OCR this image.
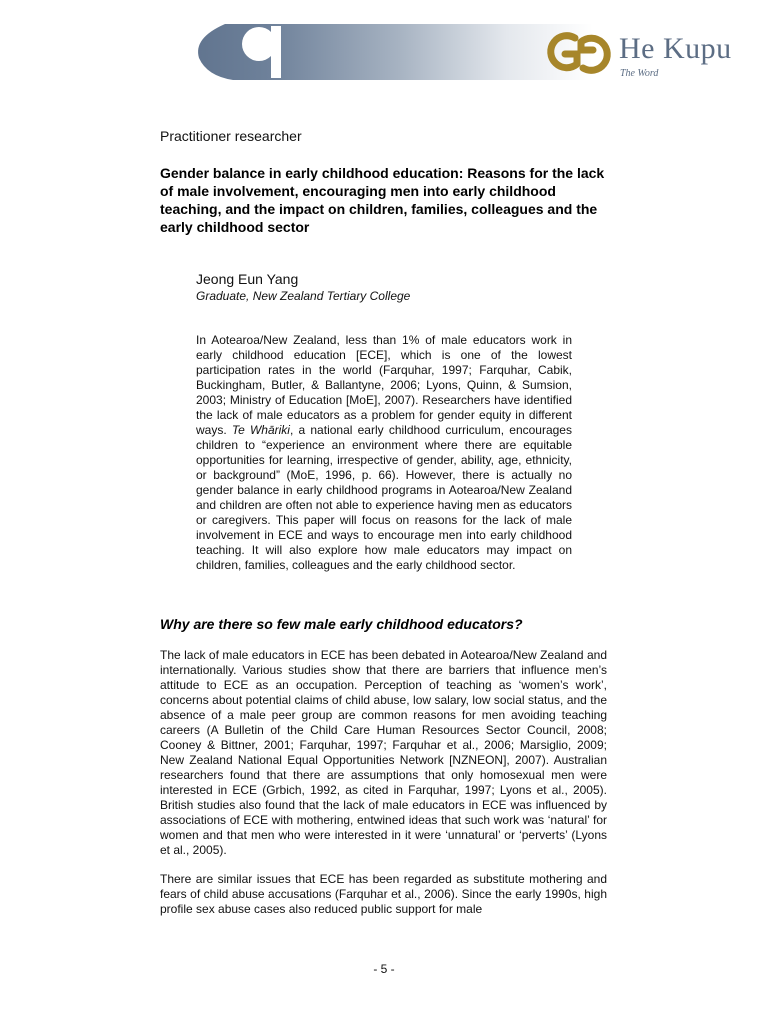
He Kupu
The Word
Practitioner researcher
Gender balance in early childhood education: Reasons for the lack of male involvement, encouraging men into early childhood teaching, and the impact on children, families, colleagues and the early childhood sector
Jeong Eun Yang
Graduate, New Zealand Tertiary College

In Aotearoa/New Zealand, less than 1% of male educators work in early childhood education [ECE], which is one of the lowest participation rates in the world (Farquhar, 1997; Farquhar, Cabik, Buckingham, Butler, & Ballantyne, 2006; Lyons, Quinn, & Sumsion, 2003; Ministry of Education [MoE], 2007). Researchers have identified the lack of male educators as a problem for gender equity in different ways. Te Whāriki, a national early childhood curriculum, encourages children to “experience an environment where there are equitable opportunities for learning, irrespective of gender, ability, age, ethnicity, or background” (MoE, 1996, p. 66). However, there is actually no gender balance in early childhood programs in Aotearoa/New Zealand and children are often not able to experience having men as educators or caregivers. This paper will focus on reasons for the lack of male involvement in ECE and ways to encourage men into early childhood teaching. It will also explore how male educators may impact on children, families, colleagues and the early childhood sector.

Why are there so few male early childhood educators?

The lack of male educators in ECE has been debated in Aotearoa/New Zealand and internationally. Various studies show that there are barriers that influence men’s attitude to ECE as an occupation. Perception of teaching as ‘women’s work’, concerns about potential claims of child abuse, low salary, low social status, and the absence of a male peer group are common reasons for men avoiding teaching careers (A Bulletin of the Child Care Human Resources Sector Council, 2008; Cooney & Bittner, 2001; Farquhar, 1997; Farquhar et al., 2006; Marsiglio, 2009; New Zealand National Equal Opportunities Network [NZNEON], 2007). Australian researchers found that there are assumptions that only homosexual men were interested in ECE (Grbich, 1992, as cited in Farquhar, 1997; Lyons et al., 2005). British studies also found that the lack of male educators in ECE was influenced by associations of ECE with mothering, entwined ideas that such work was ‘natural’ for women and that men who were interested in it were ‘unnatural’ or ‘perverts’ (Lyons et al., 2005).

There are similar issues that ECE has been regarded as substitute mothering and fears of child abuse accusations (Farquhar et al., 2006). Since the early 1990s, high profile sex abuse cases also reduced public support for male

- 5 -
